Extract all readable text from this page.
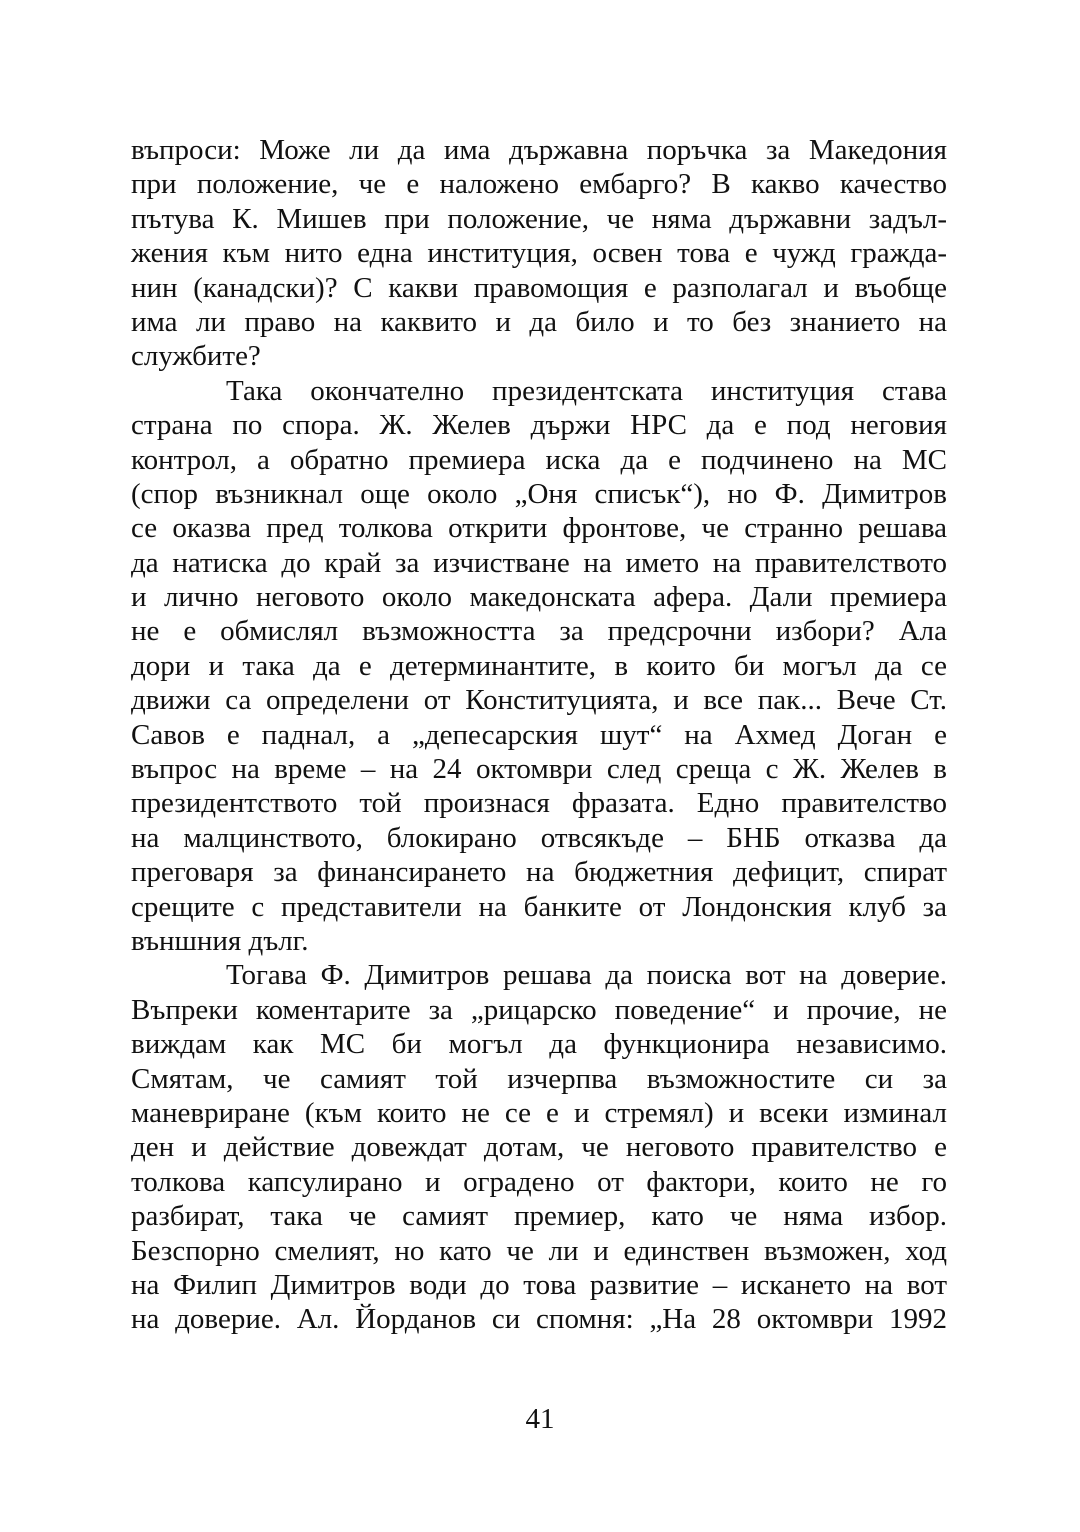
въпроси: Може ли да има държавна поръчка за Македония
при положение, че е наложено ембарго? В какво качество
пътува К. Мишев при положение, че няма държавни задъл-
жения към нито една институция, освен това е чужд гражда-
нин (канадски)? С какви правомощия е разполагал и въобще
има ли право на каквито и да било и то без знанието на
службите?
Така окончателно президентската институция става
страна по спора. Ж. Желев държи НРС да е под неговия
контрол, а обратно премиера иска да е подчинено на МС
(спор възникнал още около „Оня списък“), но Ф. Димитров
се оказва пред толкова открити фронтове, че странно решава
да натиска до край за изчистване на името на правителството
и лично неговото около македонската афера. Дали премиера
не е обмислял възможността за предсрочни избори? Ала
дори и така да е детерминантите, в които би могъл да се
движи са определени от Конституцията, и все пак... Вече Ст.
Савов е паднал, а „депесарския шут“ на Ахмед Доган е
въпрос на време – на 24 октомври след среща с Ж. Желев в
президентството той произнася фразата. Едно правителство
на малцинството, блокирано отвсякъде – БНБ отказва да
преговаря за финансирането на бюджетния дефицит, спират
срещите с представители на банките от Лондонския клуб за
външния дълг.
Тогава Ф. Димитров решава да поиска вот на доверие.
Въпреки коментарите за „рицарско поведение“ и прочие, не
виждам как МС би могъл да функционира независимо.
Смятам, че самият той изчерпва възможностите си за
маневриране (към които не се е и стремял) и всеки изминал
ден и действие довеждат дотам, че неговото правителство е
толкова капсулирано и оградено от фактори, които не го
разбират, така че самият премиер, като че няма избор.
Безспорно смелият, но като че ли и единствен възможен, ход
на Филип Димитров води до това развитие – искането на вот
на доверие. Ал. Йорданов си спомня: „На 28 октомври 1992
41
